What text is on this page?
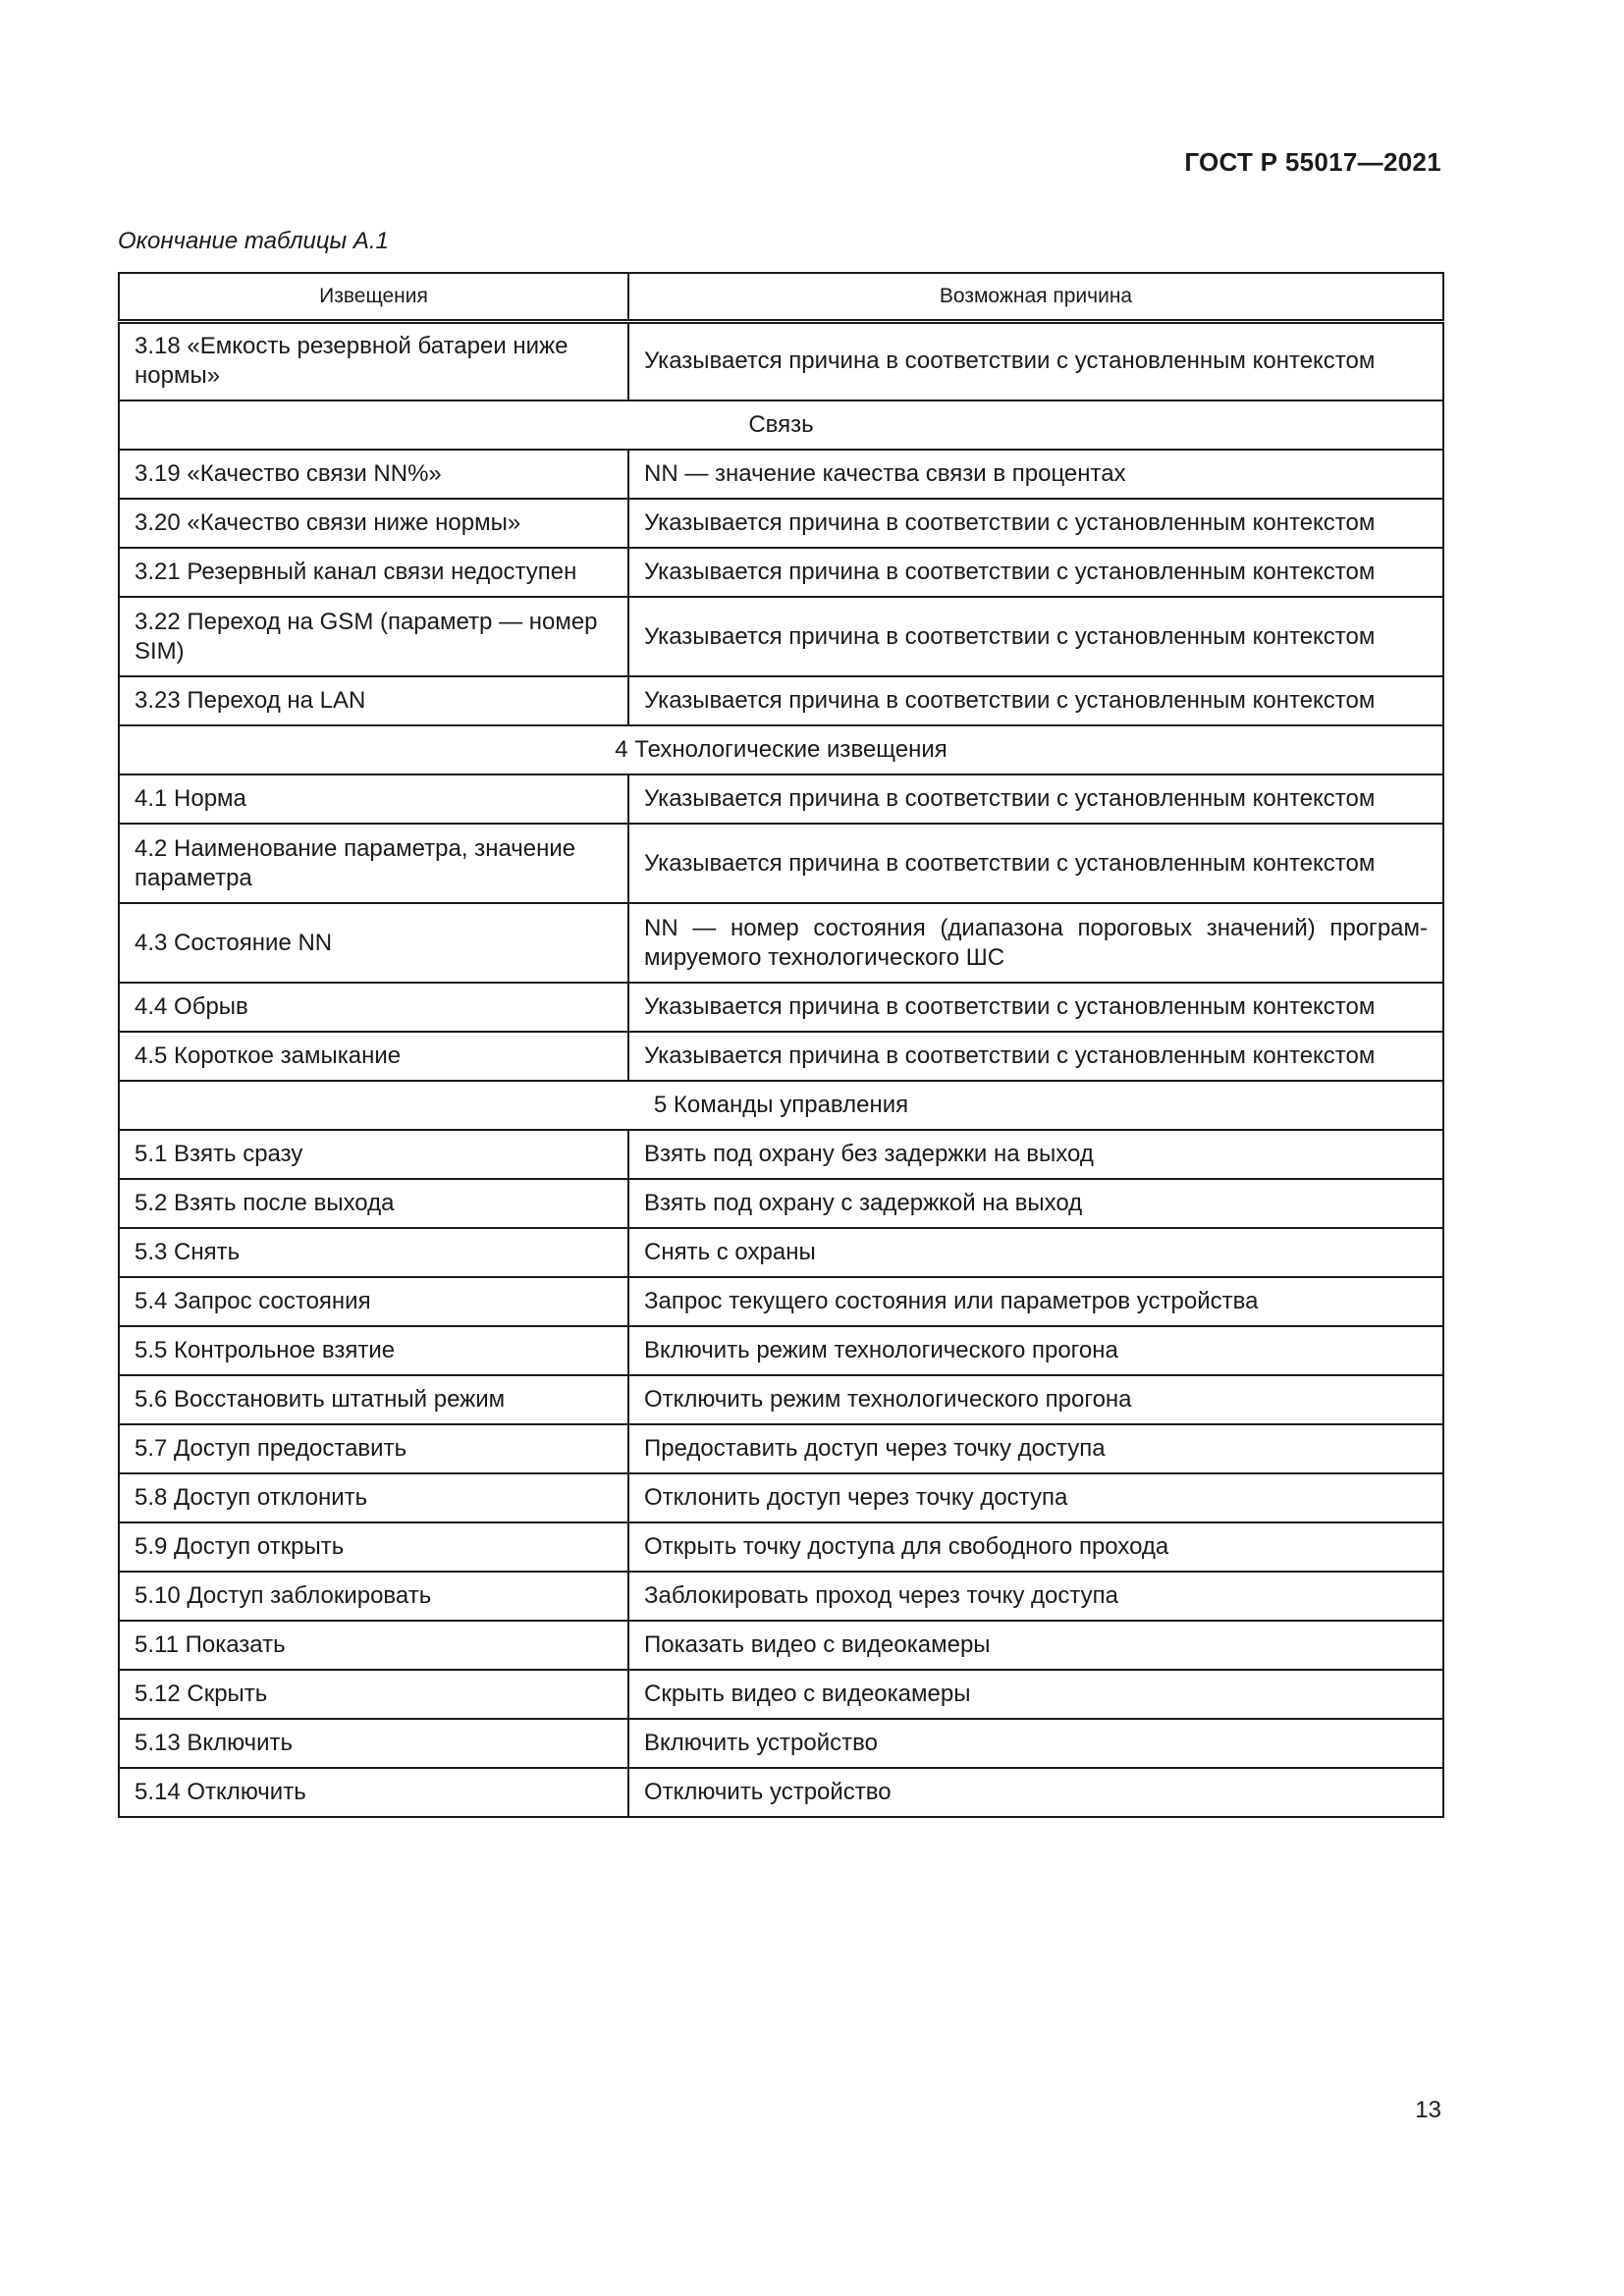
ГОСТ Р 55017—2021
Окончание таблицы А.1
Извещения	Возможная причина
3.18 «Емкость резервной батареи ниже нормы»	Указывается причина в соответствии с установленным контекстом
Связь	
3.19 «Качество связи NN%»	NN — значение качества связи в процентах
3.20 «Качество связи ниже нормы»	Указывается причина в соответствии с установленным контекстом
3.21 Резервный канал связи недоступен	Указывается причина в соответствии с установленным контекстом
3.22 Переход на GSM (параметр — номер SIM)	Указывается причина в соответствии с установленным контекстом
3.23 Переход на LAN	Указывается причина в соответствии с установленным контекстом
4 Технологические извещения	
4.1 Норма	Указывается причина в соответствии с установленным контекстом
4.2 Наименование параметра, значение параметра	Указывается причина в соответствии с установленным контекстом
4.3 Состояние NN	NN — номер состояния (диапазона пороговых значений) програм-мируемого технологического ШС
4.4 Обрыв	Указывается причина в соответствии с установленным контекстом
4.5 Короткое замыкание	Указывается причина в соответствии с установленным контекстом
5 Команды управления	
5.1 Взять сразу	Взять под охрану без задержки на выход
5.2 Взять после выхода	Взять под охрану с задержкой на выход
5.3 Снять	Снять с охраны
5.4 Запрос состояния	Запрос текущего состояния или параметров устройства
5.5 Контрольное взятие	Включить режим технологического прогона
5.6 Восстановить штатный режим	Отключить режим технологического прогона
5.7 Доступ предоставить	Предоставить доступ через точку доступа
5.8 Доступ отклонить	Отклонить доступ через точку доступа
5.9 Доступ открыть	Открыть точку доступа для свободного прохода
5.10 Доступ заблокировать	Заблокировать проход через точку доступа
5.11 Показать	Показать видео с видеокамеры
5.12 Скрыть	Скрыть видео с видеокамеры
5.13 Включить	Включить устройство
5.14 Отключить	Отключить устройство
13
